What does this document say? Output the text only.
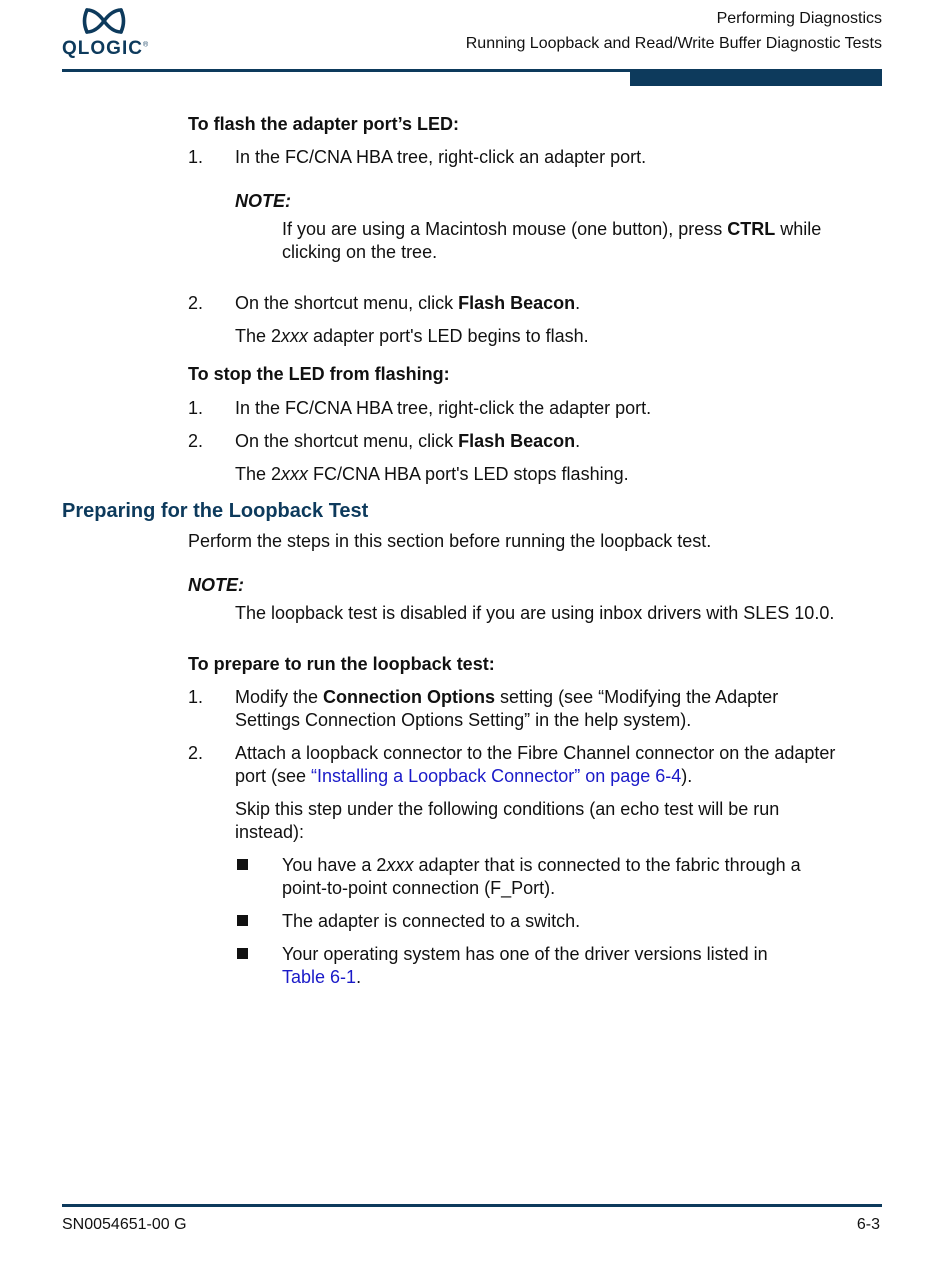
QLOGIC®
Performing Diagnostics
Running Loopback and Read/Write Buffer Diagnostic Tests
To flash the adapter port’s LED:
1. In the FC/CNA HBA tree, right-click an adapter port.
NOTE:
If you are using a Macintosh mouse (one button), press CTRL while
clicking on the tree.
2. On the shortcut menu, click Flash Beacon.
The 2xxx adapter port's LED begins to flash.
To stop the LED from flashing:
1. In the FC/CNA HBA tree, right-click the adapter port.
2. On the shortcut menu, click Flash Beacon.
The 2xxx FC/CNA HBA port's LED stops flashing.
Preparing for the Loopback Test
Perform the steps in this section before running the loopback test.
NOTE:
The loopback test is disabled if you are using inbox drivers with SLES 10.0.
To prepare to run the loopback test:
1. Modify the Connection Options setting (see “Modifying the Adapter
Settings Connection Options Setting” in the help system).
2. Attach a loopback connector to the Fibre Channel connector on the adapter
port (see “Installing a Loopback Connector” on page 6-4).
Skip this step under the following conditions (an echo test will be run
instead):
You have a 2xxx adapter that is connected to the fabric through a
point-to-point connection (F_Port).
The adapter is connected to a switch.
Your operating system has one of the driver versions listed in
Table 6-1.
SN0054651-00 G	6-3
